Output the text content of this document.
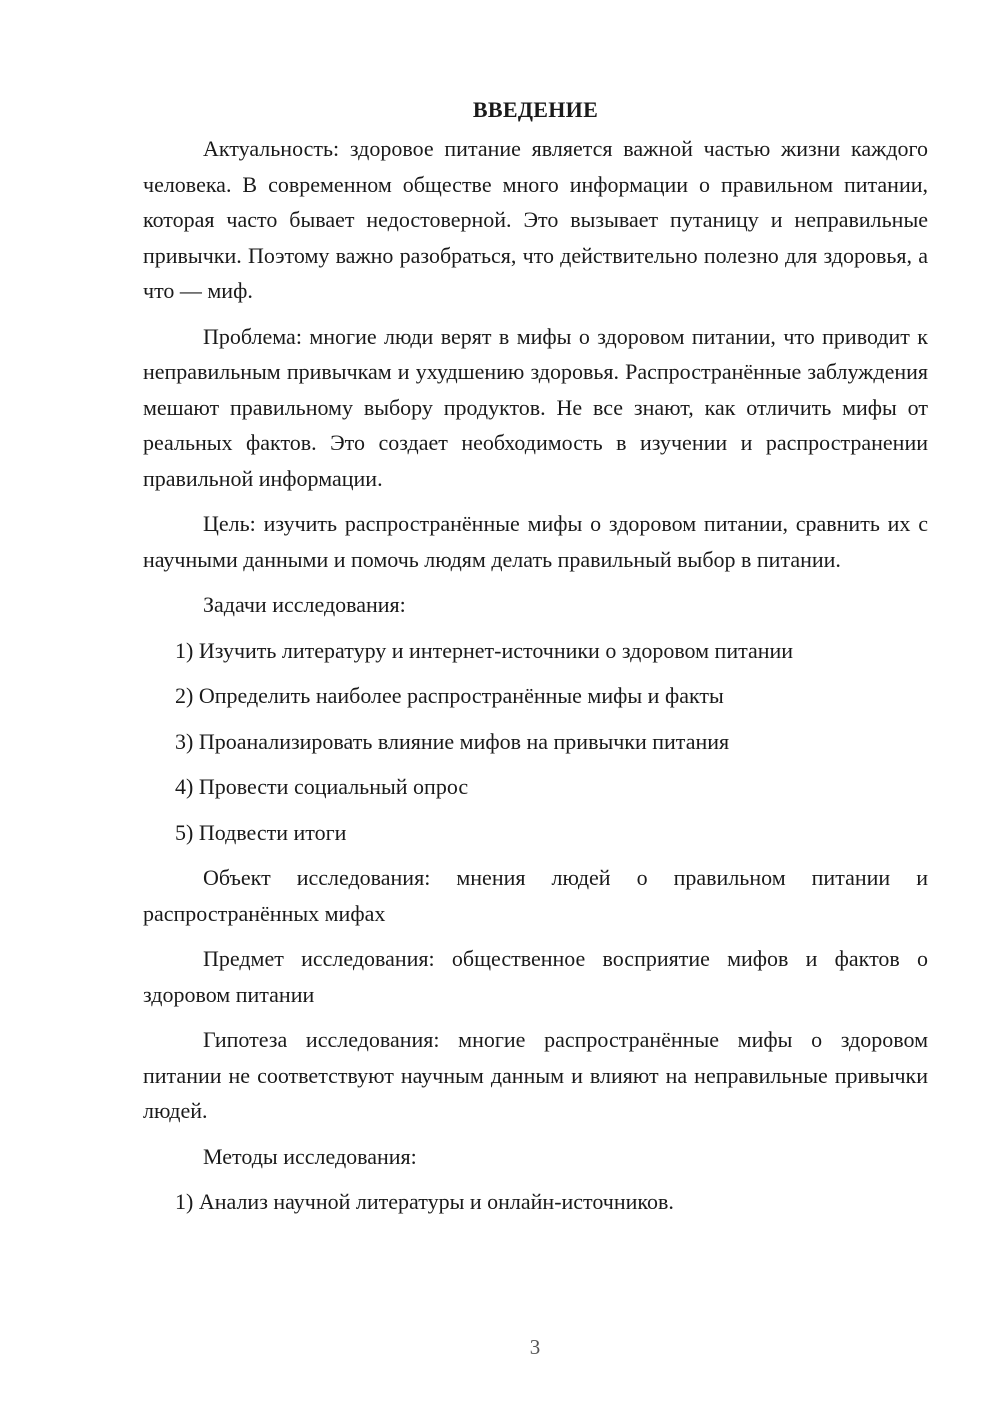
ВВЕДЕНИЕ

Актуальность: здоровое питание является важной частью жизни каждого человека. В современном обществе много информации о правильном питании, которая часто бывает недостоверной. Это вызывает путаницу и неправильные привычки. Поэтому важно разобраться, что действительно полезно для здоровья, а что — миф.

Проблема: многие люди верят в мифы о здоровом питании, что приводит к неправильным привычкам и ухудшению здоровья. Распространённые заблуждения мешают правильному выбору продуктов. Не все знают, как отличить мифы от реальных фактов. Это создает необходимость в изучении и распространении правильной информации.

Цель: изучить распространённые мифы о здоровом питании, сравнить их с научными данными и помочь людям делать правильный выбор в питании.

Задачи исследования:

1) Изучить литературу и интернет-источники о здоровом питании
2) Определить наиболее распространённые мифы и факты
3) Проанализировать влияние мифов на привычки питания
4) Провести социальный опрос
5) Подвести итоги

Объект исследования: мнения людей о правильном питании и распространённых мифах

Предмет исследования: общественное восприятие мифов и фактов о здоровом питании

Гипотеза исследования: многие распространённые мифы о здоровом питании не соответствуют научным данным и влияют на неправильные привычки людей.

Методы исследования:

1) Анализ научной литературы и онлайн-источников.
3
